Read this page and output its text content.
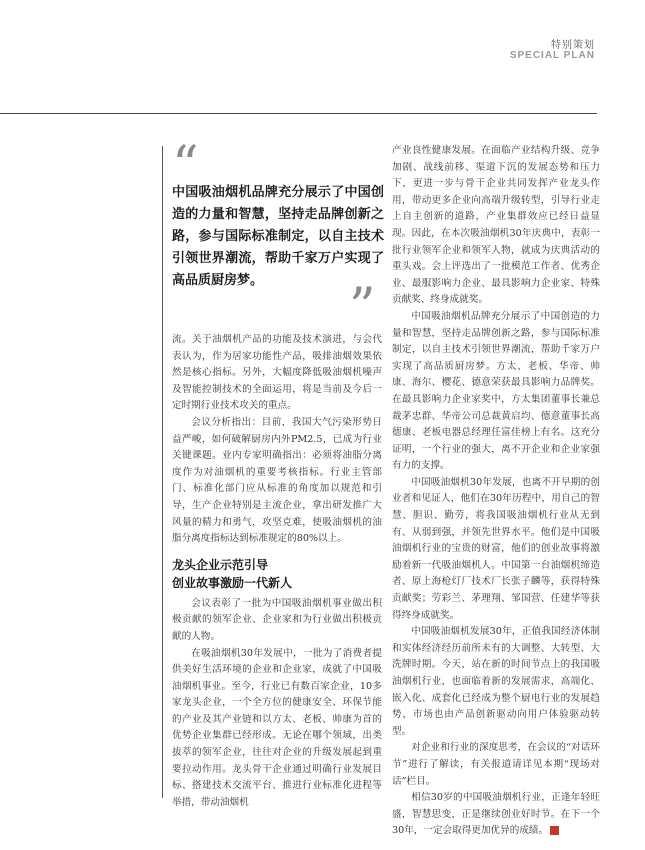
特别策划
SPECIAL PLAN
“
中国吸油烟机品牌充分展示了中国创造的力量和智慧，坚持走品牌创新之路，参与国际标准制定，以自主技术引领世界潮流，帮助千家万户实现了高品质厨房梦。	”

流。关于油烟机产品的功能及技术演进，与会代表认为，作为居家功能性产品，吸排油烟效果依然是核心指标。另外，大幅度降低吸油烟机噪声及智能控制技术的全面运用，将是当前及今后一定时期行业技术攻关的重点。

会议分析指出：目前，我国大气污染形势日益严峻，如何破解厨房内外PM2.5，已成为行业关键课题。业内专家明确指出：必须将油脂分离度作为对油烟机的重要考核指标。行业主管部门、标准化部门应从标准的角度加以规范和引导，生产企业特别是主流企业，拿出研发推广大风量的精力和勇气，攻坚克难，使吸油烟机的油脂分离度指标达到标准规定的80%以上。

龙头企业示范引导
创业故事激励一代新人

会议表彰了一批为中国吸油烟机事业做出积极贡献的领军企业、企业家和为行业做出积极贡献的人物。

在吸油烟机30年发展中，一批为了消费者提供美好生活环境的企业和企业家，成就了中国吸油烟机事业。至今，行业已有数百家企业，10多家龙头企业，一个全方位的健康安全、环保节能的产业及其产业链和以方太、老板、帅康为首的优势企业集群已经形成。无论在哪个领域，出类拔萃的领军企业，往往对企业的升级发展起到重要拉动作用。龙头骨干企业通过明确行业发展目标、搭建技术交流平台、推进行业标准化进程等举措，带动油烟机

产业良性健康发展。在面临产业结构升级、竞争加剧、战线前移、渠道下沉的发展态势和压力下，更进一步与骨干企业共同发挥产业龙头作用，带动更多企业向高端升级转型，引导行业走上自主创新的道路，产业集群效应已经日益显现。因此，在本次吸油烟机30年庆典中，表彰一批行业领军企业和领军人物，就成为庆典活动的重头戏。会上评选出了一批模范工作者、优秀企业、最服影响力企业、最具影响力企业家、特殊贡献奖、终身成就奖。

中国吸油烟机品牌充分展示了中国创造的力量和智慧，坚持走品牌创新之路，参与国际标准制定，以自主技术引领世界潮流，帮助千家万户实现了高品质厨房梦。方太、老板、华帝、帅康、海尔、樱花、德意荣获最具影响力品牌奖。在最具影响力企业家奖中，方太集团董事长兼总裁茅忠群、华帝公司总裁黄启均、德意董事长高德康、老板电器总经理任富佳榜上有名。这充分证明，一个行业的强大，离不开企业和企业家强有力的支撑。

中国吸油烟机30年发展，也离不开早期的创业者和见证人，他们在30年历程中，用自己的智慧、胆识、勤劳，将我国吸油烟机行业从无到有、从弱到强，并领先世界水平。他们是中国吸油烟机行业的宝贵的财富，他们的创业故事将激励着新一代吸油烟机人。中国第一台油烟机缔造者、原上海枪灯厂技术厂长张子麟等，获得特殊贡献奖；劳彩兰、茅理翔、邹国营、任建华等获得终身成就奖。

中国吸油烟机发展30年，正值我国经济体制和实体经济经历前所未有的大调整、大转型、大洗牌时期。今天，站在新的时间节点上的我国吸油烟机行业，也面临着新的发展需求，高端化、嵌入化、成套化已经成为整个厨电行业的发展趋势，市场也由产品创新驱动向用户体验驱动转型。

对企业和行业的深度思考，在会议的“对话环节”进行了解读，有关报道请详见本期“现场对话”栏目。

相信30岁的中国吸油烟机行业，正逢年轻旺盛，智慧思变，正是继续创业好时节。在下一个30年，一定会取得更加优异的成绩。
